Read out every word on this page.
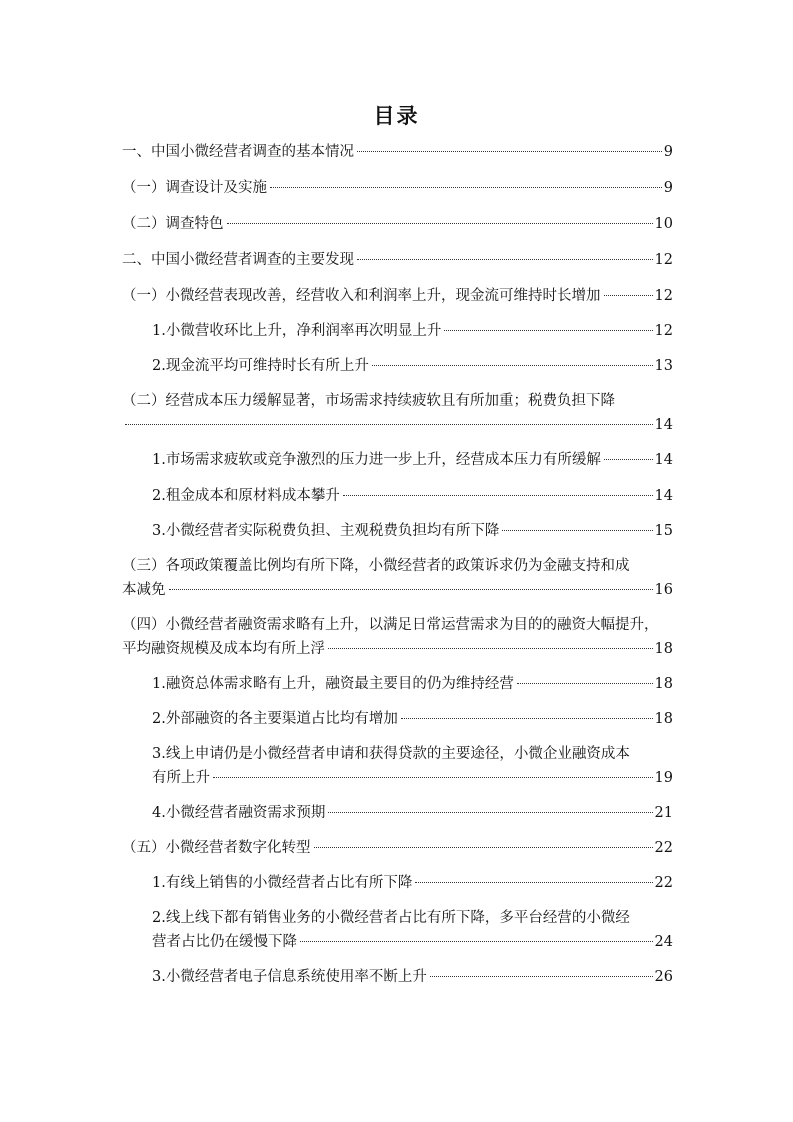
目录
一、中国小微经营者调查的基本情况	9
（一）调查设计及实施	9
（二）调查特色	10
二、中国小微经营者调查的主要发现	12
（一）小微经营表现改善，经营收入和利润率上升，现金流可维持时长增加	12
1.小微营收环比上升，净利润率再次明显上升	12
2.现金流平均可维持时长有所上升	13
（二）经营成本压力缓解显著，市场需求持续疲软且有所加重；税费负担下降
14
1.市场需求疲软或竞争激烈的压力进一步上升，经营成本压力有所缓解	14
2.租金成本和原材料成本攀升	14
3.小微经营者实际税费负担、主观税费负担均有所下降	15
（三）各项政策覆盖比例均有所下降，小微经营者的政策诉求仍为金融支持和成
本减免	16
（四）小微经营者融资需求略有上升，以满足日常运营需求为目的的融资大幅提升，
平均融资规模及成本均有所上浮	18
1.融资总体需求略有上升，融资最主要目的仍为维持经营	18
2.外部融资的各主要渠道占比均有增加	18
3.线上申请仍是小微经营者申请和获得贷款的主要途径，小微企业融资成本
有所上升	19
4.小微经营者融资需求预期	21
（五）小微经营者数字化转型	22
1.有线上销售的小微经营者占比有所下降	22
2.线上线下都有销售业务的小微经营者占比有所下降，多平台经营的小微经
营者占比仍在缓慢下降	24
3.小微经营者电子信息系统使用率不断上升	26
